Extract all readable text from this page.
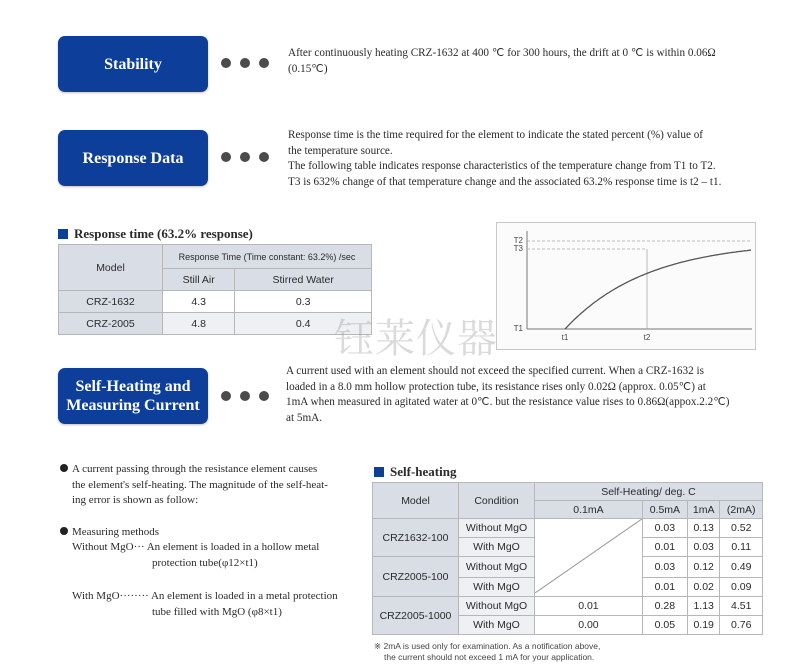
Stability
After continuously heating CRZ-1632 at 400 ℃ for 300 hours, the drift at 0 ℃ is within 0.06Ω (0.15℃)
Response Data
Response time is the time required for the element to indicate the stated percent (%) value of
the temperature source.
The following table indicates response characteristics of the temperature change from T1 to T2.
T3 is 632% change of that temperature change and the associated 63.2% response time is t2 – t1.
Response time (63.2% response)
Model	Response Time (Time constant: 63.2%) /sec	
	Still Air	Stirred Water
CRZ-1632	4.3	0.3
CRZ-2005	4.8	0.4
T2
T3
T1
t1	t2
钰莱仪器
Self-Heating and
Measuring Current
A current used with an element should not exceed the specified current. When a CRZ-1632 is
loaded in a 8.0 mm hollow protection tube, its resistance rises only 0.02Ω (approx. 0.05℃) at
1mA when measured in agitated water at 0℃. but the resistance value rises to 0.86Ω(appox.2.2℃)
at 5mA.
A current passing through the resistance element causes
the element's self-heating. The magnitude of the self-heat-
ing error is shown as follow:
Measuring methods
Without MgO··· An element is loaded in a hollow metal
protection tube(φ12×t1)
With MgO········ An element is loaded in a metal protection
tube filled with MgO (φ8×t1)
Self-heating
Model	Condition	Self-Heating/ deg. C			
		0.1mA	0.5mA	1mA	(2mA)
CRZ1632-100	Without MgO		0.03	0.13	0.52
	With MgO		0.01	0.03	0.11
CRZ2005-100	Without MgO		0.03	0.12	0.49
	With MgO		0.01	0.02	0.09
CRZ2005-1000	Without MgO	0.01	0.28	1.13	4.51
	With MgO	0.00	0.05	0.19	0.76
※ 2mA is used only for examination. As a notification above,
the current should not exceed 1 mA for your application.
